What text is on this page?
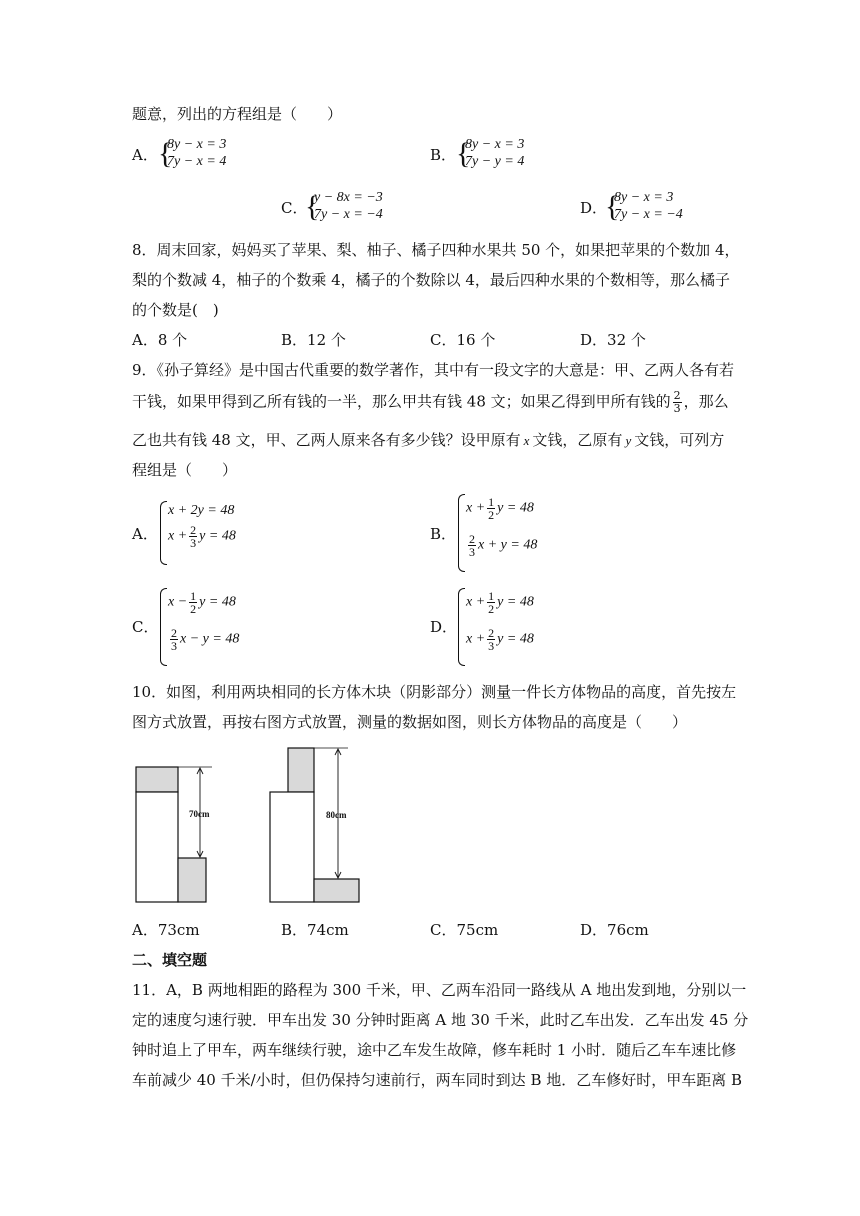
题意，列出的方程组是（　　）
A． {
8y − x = 3
7y − x = 4	B． {
8y − x = 3
7y − y = 4
C．
{
y − 8x = −3
7y − x = −4	D．
{
8y − x = 3
7y − x = −4
8．周末回家，妈妈买了苹果、梨、柚子、橘子四种水果共 50 个，如果把苹果的个数加 4，
梨的个数减 4，柚子的个数乘 4，橘子的个数除以 4，最后四种水果的个数相等，那么橘子
的个数是(　)
A．8 个	B．12 个	C．16 个	D．32 个
9．《孙子算经》是中国古代重要的数学著作，其中有一段文字的大意是：甲、乙两人各有若
干钱，如果甲得到乙所有钱的一半，那么甲共有钱 48 文；如果乙得到甲所有钱的 $\frac{2}{3}$ ，那么
乙也共有钱 48 文，甲、乙两人原来各有多少钱？设甲原有 x 文钱，乙原有 y 文钱，可列方
程组是（　　）
A．
x + 2y = 48
$x + \frac{2}{3}$ y = 48	B．
$x + \frac{1}{2}$ y = 48
$\frac{2}{3}$ x + y = 48
C．
$x - \frac{1}{2}$ y = 48
$\frac{2}{3}$ x − y = 48
D．
$x + \frac{1}{2}$ y = 48
$x + \frac{2}{3}$ y = 48
10．如图，利用两块相同的长方体木块（阴影部分）测量一件长方体物品的高度，首先按左
图方式放置，再按右图方式放置，测量的数据如图，则长方体物品的高度是（　　）
70cm	80cm
A．73cm	B．74cm	C．75cm	D．76cm
二、填空题
11．A，B 两地相距的路程为 300 千米，甲、乙两车沿同一路线从 A 地出发到地，分别以一
定的速度匀速行驶．甲车出发 30 分钟时距离 A 地 30 千米，此时乙车出发．乙车出发 45 分
钟时追上了甲车，两车继续行驶，途中乙车发生故障，修车耗时 1 小时．随后乙车车速比修
车前减少 40 千米/小时，但仍保持匀速前行，两车同时到达 B 地．乙车修好时，甲车距离 B
